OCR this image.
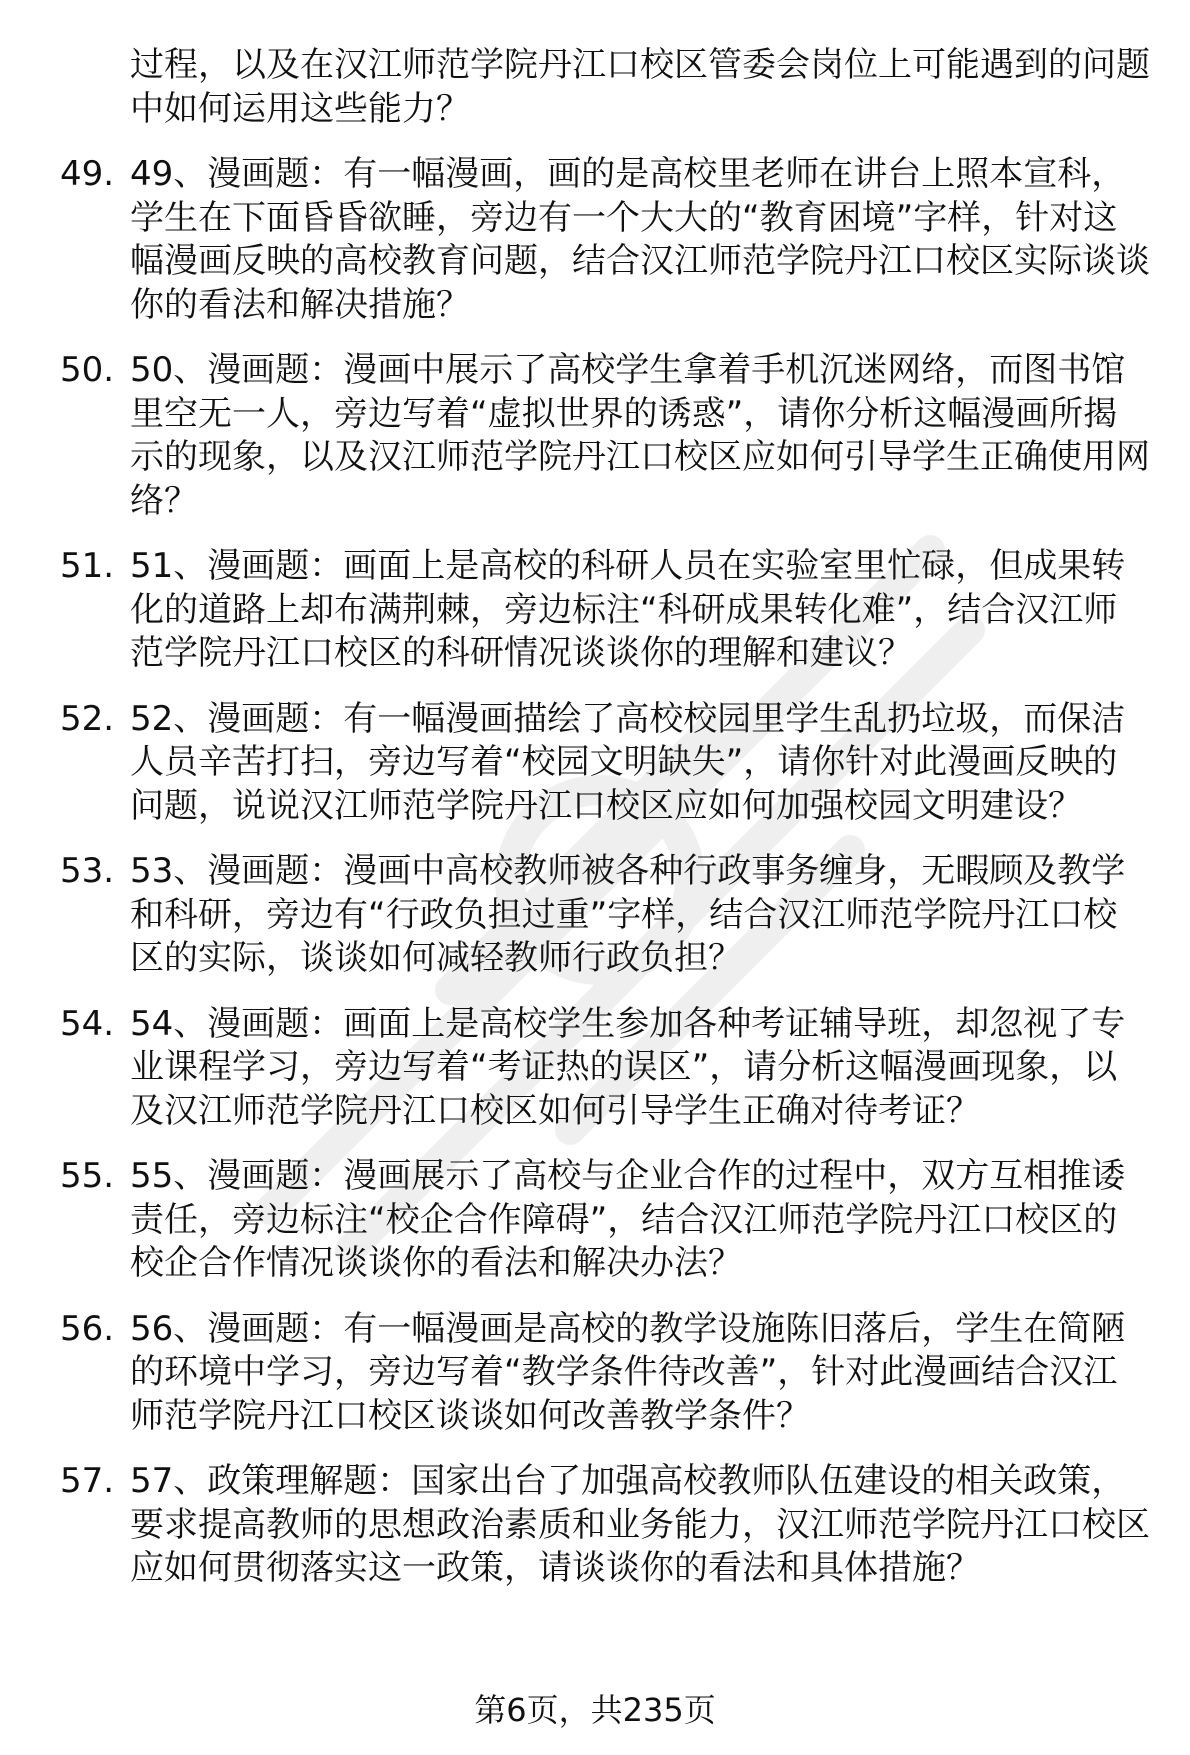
过程，以及在汉江师范学院丹江口校区管委会岗位上可能遇到的问题中如何运用这些能力？
49. 49、漫画题：有一幅漫画，画的是高校里老师在讲台上照本宣科，学生在下面昏昏欲睡，旁边有一个大大的“教育困境”字样，针对这幅漫画反映的高校教育问题，结合汉江师范学院丹江口校区实际谈谈你的看法和解决措施？
50. 50、漫画题：漫画中展示了高校学生拿着手机沉迷网络，而图书馆里空无一人，旁边写着“虚拟世界的诱惑”，请你分析这幅漫画所揭示的现象，以及汉江师范学院丹江口校区应如何引导学生正确使用网络？
51. 51、漫画题：画面上是高校的科研人员在实验室里忙碌，但成果转化的道路上却布满荆棘，旁边标注“科研成果转化难”，结合汉江师范学院丹江口校区的科研情况谈谈你的理解和建议？
52. 52、漫画题：有一幅漫画描绘了高校校园里学生乱扔垃圾，而保洁人员辛苦打扫，旁边写着“校园文明缺失”，请你针对此漫画反映的问题，说说汉江师范学院丹江口校区应如何加强校园文明建设？
53. 53、漫画题：漫画中高校教师被各种行政事务缠身，无暇顾及教学和科研，旁边有“行政负担过重”字样，结合汉江师范学院丹江口校区的实际，谈谈如何减轻教师行政负担？
54. 54、漫画题：画面上是高校学生参加各种考证辅导班，却忽视了专业课程学习，旁边写着“考证热的误区”，请分析这幅漫画现象，以及汉江师范学院丹江口校区如何引导学生正确对待考证？
55. 55、漫画题：漫画展示了高校与企业合作的过程中，双方互相推诿责任，旁边标注“校企合作障碍”，结合汉江师范学院丹江口校区的校企合作情况谈谈你的看法和解决办法？
56. 56、漫画题：有一幅漫画是高校的教学设施陈旧落后，学生在简陋的环境中学习，旁边写着“教学条件待改善”，针对此漫画结合汉江师范学院丹江口校区谈谈如何改善教学条件？
57. 57、政策理解题：国家出台了加强高校教师队伍建设的相关政策，要求提高教师的思想政治素质和业务能力，汉江师范学院丹江口校区应如何贯彻落实这一政策，请谈谈你的看法和具体措施？
第6页，共235页
